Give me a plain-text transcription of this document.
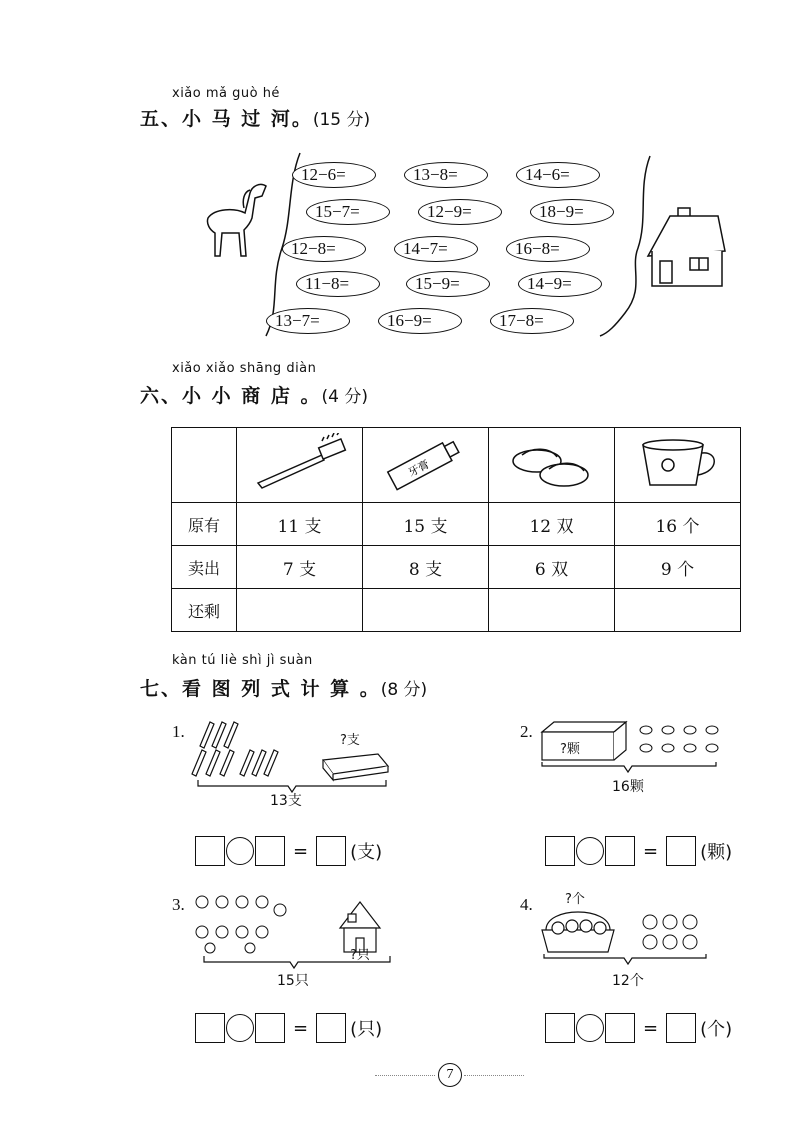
xiǎo mǎ guò hé
五、小 马 过 河。(15 分)
12−6=	13−8=	14−6=
15−7=	12−9=	18−9=
12−8=	14−7=	16−8=
11−8=	15−9=	14−9=
13−7=	16−9=	17−8=
xiǎo xiǎo shāng diàn
六、小 小 商 店 。(4 分)

牙膏

原有	11 支	15 支	12 双	16 个
卖出	7 支	8 支	6 双	9 个
还剩				
kàn tú liè shì jì suàn
七、看 图 列 式 计 算 。(8 分)
1.	?支
13支
= (支)
2.
?颗
16颗
= (颗)
3.
?只
15只
= (只)
4. ?个
12个
= (个)
7
